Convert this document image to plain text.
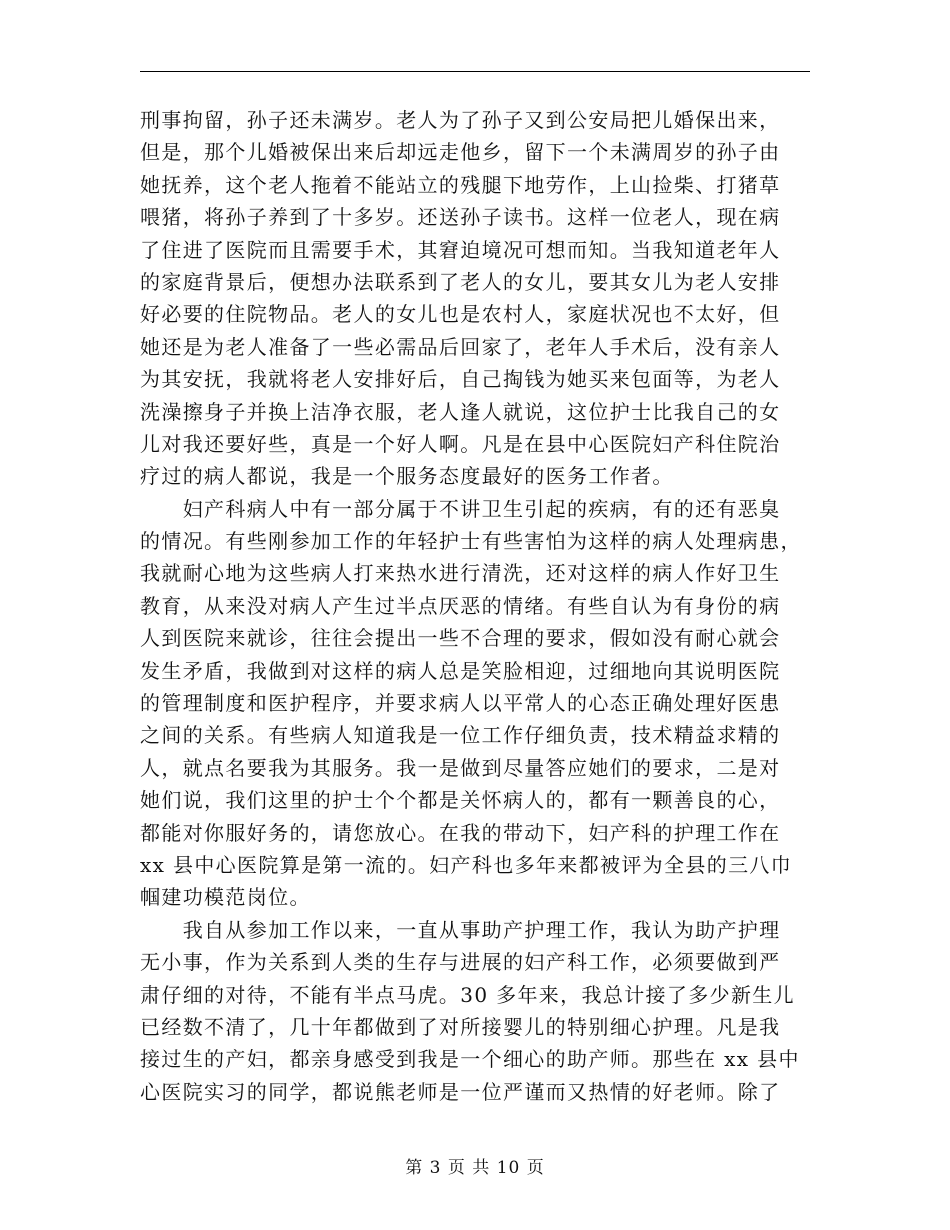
刑事拘留，孙子还未满岁。老人为了孙子又到公安局把儿婚保出来，
但是，那个儿婚被保出来后却远走他乡，留下一个未满周岁的孙子由
她抚养，这个老人拖着不能站立的残腿下地劳作，上山捡柴、打猪草
喂猪，将孙子养到了十多岁。还送孙子读书。这样一位老人，现在病
了住进了医院而且需要手术，其窘迫境况可想而知。当我知道老年人
的家庭背景后，便想办法联系到了老人的女儿，要其女儿为老人安排
好必要的住院物品。老人的女儿也是农村人，家庭状况也不太好，但
她还是为老人准备了一些必需品后回家了，老年人手术后，没有亲人
为其安抚，我就将老人安排好后，自己掏钱为她买来包面等，为老人
洗澡擦身子并换上洁净衣服，老人逢人就说，这位护士比我自己的女
儿对我还要好些，真是一个好人啊。凡是在县中心医院妇产科住院治
疗过的病人都说，我是一个服务态度最好的医务工作者。
　　妇产科病人中有一部分属于不讲卫生引起的疾病，有的还有恶臭
的情况。有些刚参加工作的年轻护士有些害怕为这样的病人处理病患，
我就耐心地为这些病人打来热水进行清洗，还对这样的病人作好卫生
教育，从来没对病人产生过半点厌恶的情绪。有些自认为有身份的病
人到医院来就诊，往往会提出一些不合理的要求，假如没有耐心就会
发生矛盾，我做到对这样的病人总是笑脸相迎，过细地向其说明医院
的管理制度和医护程序，并要求病人以平常人的心态正确处理好医患
之间的关系。有些病人知道我是一位工作仔细负责，技术精益求精的
人，就点名要我为其服务。我一是做到尽量答应她们的要求，二是对
她们说，我们这里的护士个个都是关怀病人的，都有一颗善良的心，
都能对你服好务的，请您放心。在我的带动下，妇产科的护理工作在
xx 县中心医院算是第一流的。妇产科也多年来都被评为全县的三八巾
帼建功模范岗位。
　　我自从参加工作以来，一直从事助产护理工作，我认为助产护理
无小事，作为关系到人类的生存与进展的妇产科工作，必须要做到严
肃仔细的对待，不能有半点马虎。30 多年来，我总计接了多少新生儿
已经数不清了，几十年都做到了对所接婴儿的特别细心护理。凡是我
接过生的产妇，都亲身感受到我是一个细心的助产师。那些在 xx 县中
心医院实习的同学，都说熊老师是一位严谨而又热情的好老师。除了
第 3 页 共 10 页
